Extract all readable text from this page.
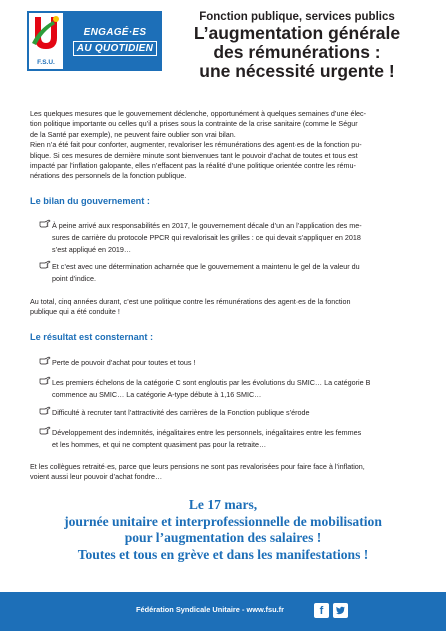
F.S.U.
ENGAGÉ·ES
AU QUOTIDIEN
Fonction publique, services publics
L’augmentation générale
des rémunérations :
une nécessité urgente !
Les quelques mesures que le gouvernement déclenche, opportunément à quelques semaines d’une élec-
tion politique importante ou celles qu’il a prises sous la contrainte de la crise sanitaire (comme le Ségur
de la Santé par exemple), ne peuvent faire oublier son vrai bilan.
Rien n’a été fait pour conforter, augmenter, revaloriser les rémunérations des agent·es de la fonction pu-
blique. Si ces mesures de dernière minute sont bienvenues tant le pouvoir d’achat de toutes et tous est
impacté par l’inflation galopante, elles n’effacent pas la réalité d’une politique orientée contre les rému-
nérations des personnels de la fonction publique.
Le bilan du gouvernement :
À peine arrivé aux responsabilités en 2017, le gouvernement décale d’un an l’application des me-
sures de carrière du protocole PPCR qui revalorisait les grilles : ce qui devait s’appliquer en 2018
s’est appliqué en 2019…
Et c’est avec une détermination acharnée que le gouvernement a maintenu le gel de la valeur du
point d’indice.
Au total, cinq années durant, c’est une politique contre les rémunérations des agent·es de la fonction
publique qui a été conduite !
Le résultat est consternant :
Perte de pouvoir d’achat pour toutes et tous !
Les premiers échelons de la catégorie C sont engloutis par les évolutions du SMIC… La catégorie B
commence au SMIC… La catégorie A-type débute à 1,16 SMIC…
Difficulté à recruter tant l’attractivité des carrières de la Fonction publique s’érode
Développement des indemnités, inégalitaires entre les personnels, inégalitaires entre les femmes
et les hommes, et qui ne comptent quasiment pas pour la retraite…
Et les collègues retraité·es, parce que leurs pensions ne sont pas revalorisées pour faire face à l’inflation,
voient aussi leur pouvoir d’achat fondre…
Le 17 mars,
journée unitaire et interprofessionnelle de mobilisation
pour l’augmentation des salaires !
Toutes et tous en grève et dans les manifestations !
Fédération Syndicale Unitaire - www.fsu.fr	f
